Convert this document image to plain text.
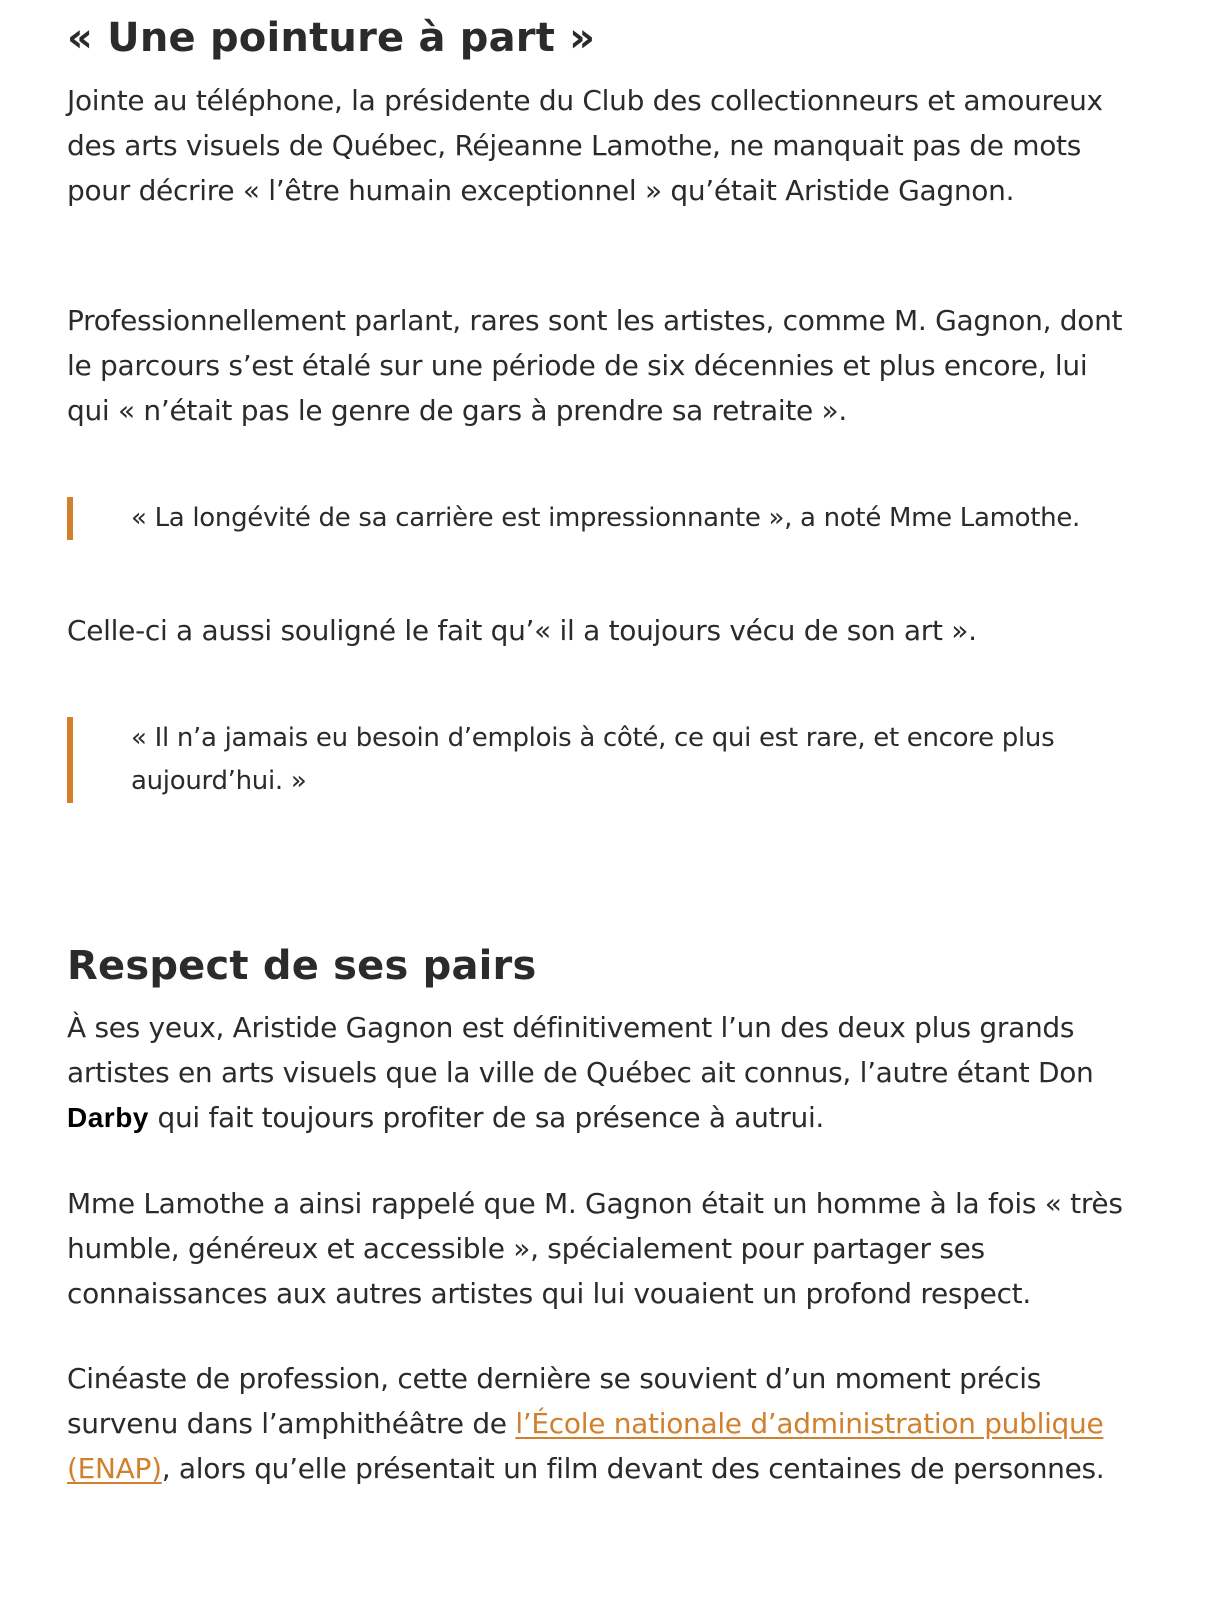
« Une pointure à part »

Jointe au téléphone, la présidente du Club des collectionneurs et amoureux des arts visuels de Québec, Réjeanne Lamothe, ne manquait pas de mots pour décrire « l’être humain exceptionnel » qu’était Aristide Gagnon.

Professionnellement parlant, rares sont les artistes, comme M. Gagnon, dont le parcours s’est étalé sur une période de six décennies et plus encore, lui qui « n’était pas le genre de gars à prendre sa retraite ».

« La longévité de sa carrière est impressionnante », a noté Mme Lamothe.

Celle-ci a aussi souligné le fait qu’« il a toujours vécu de son art ».

« Il n’a jamais eu besoin d’emplois à côté, ce qui est rare, et encore plus aujourd’hui. »

Respect de ses pairs

À ses yeux, Aristide Gagnon est définitivement l’un des deux plus grands artistes en arts visuels que la ville de Québec ait connus, l’autre étant Don Darby qui fait toujours profiter de sa présence à autrui.

Mme Lamothe a ainsi rappelé que M. Gagnon était un homme à la fois « très humble, généreux et accessible », spécialement pour partager ses connaissances aux autres artistes qui lui vouaient un profond respect.

Cinéaste de profession, cette dernière se souvient d’un moment précis survenu dans l’amphithéâtre de l’École nationale d’administration publique (ENAP), alors qu’elle présentait un film devant des centaines de personnes.
